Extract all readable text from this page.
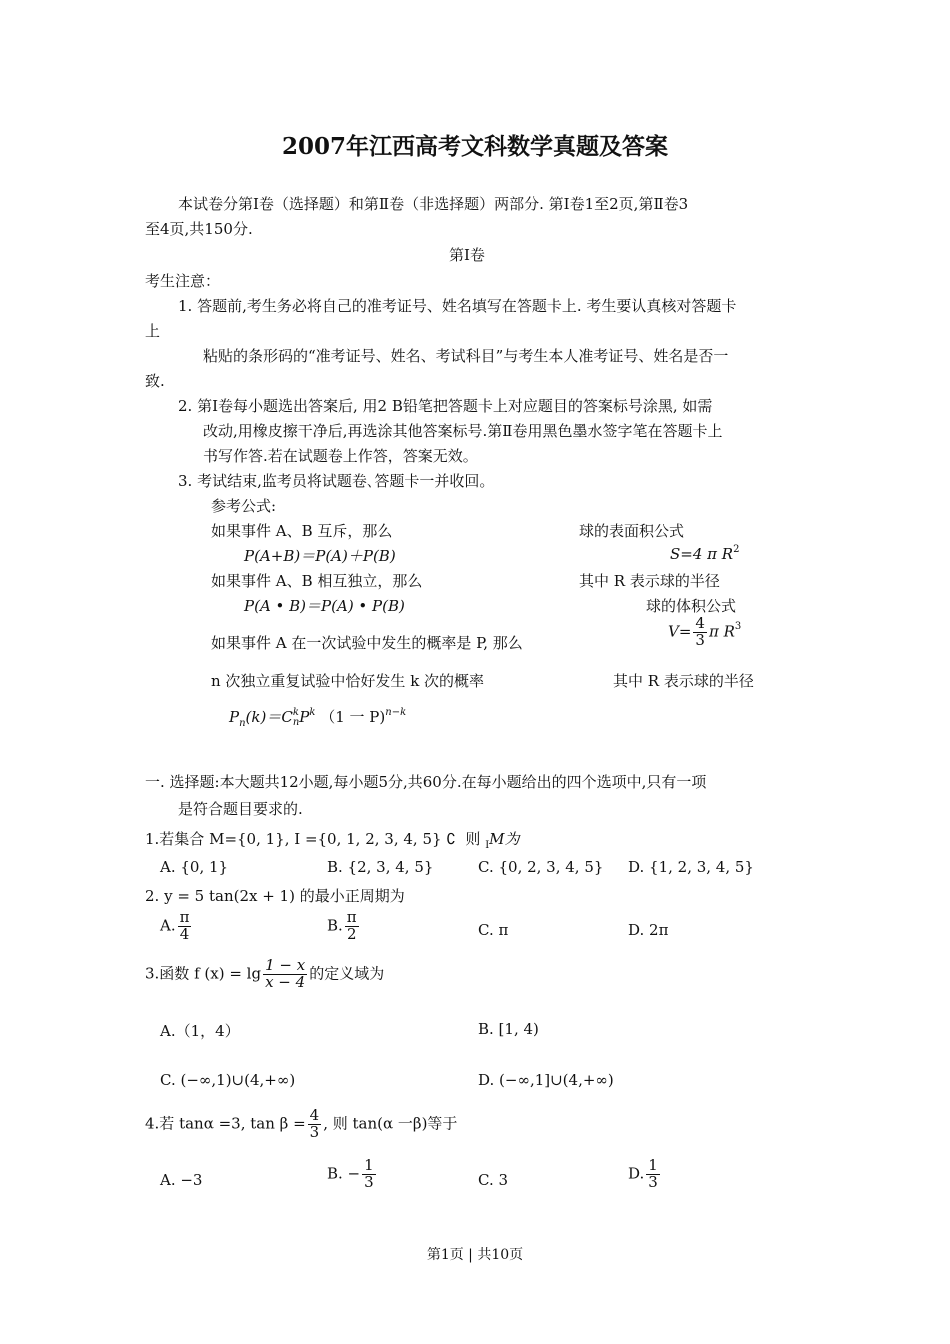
2007年江西高考文科数学真题及答案
本试卷分第Ⅰ卷（选择题）和第Ⅱ卷（非选择题）两部分. 第Ⅰ卷1至2页,第Ⅱ卷3
至4页,共150分.
第Ⅰ卷
考生注意：
1. 答题前,考生务必将自己的准考证号、姓名填写在答题卡上. 考生要认真核对答题卡
上
粘贴的条形码的“准考证号、姓名、考试科目”与考生本人准考证号、姓名是否一
致.
2. 第Ⅰ卷每小题选出答案后, 用2 B铅笔把答题卡上对应题目的答案标号涂黑, 如需
改动,用橡皮擦干净后,再选涂其他答案标号.第Ⅱ卷用黑色墨水签字笔在答题卡上
书写作答.若在试题卷上作答，答案无效。
3. 考试结束,监考员将试题卷､答题卡一并收回。
参考公式:
如果事件 A、B 互斥，那么
P(A+B)＝P(A)＋P(B)
如果事件 A、B 相互独立，那么
P(A • B)＝P(A) • P(B)
如果事件 A 在一次试验中发生的概率是 P, 那么
n 次独立重复试验中恰好发生 k 次的概率
$P_n(k)=C$ k
n $P^k$ （1 一 P)$^{n-k}$
球的表面积公式
S=4 π $R^2$
其中 R 表示球的半径
球的体积公式
$V= \frac{4}{3}$ π $R^3$
其中 R 表示球的半径
一. 选择题:本大题共12小题,每小题5分,共60分.在每小题给出的四个选项中,只有一项
是符合题目要求的.
1.若集合 M={0, 1}, I ={0, 1, 2, 3, 4, 5} ∁ 则 $_I$M为
A. {0, 1}	B. {2, 3, 4, 5}	C. {0, 2, 3, 4, 5} D. {1, 2, 3, 4, 5}
2. y = 5 tan(2x + 1) 的最小正周期为
A. $\frac{\pi}{4}$	B. $\frac{\pi}{2}$	C. π	D. 2π
3.函数 f $(x) = \lg \frac{1 - x}{x - 4}$ 的定义域为
A.（1，4）	B. [1, 4)
C. (−∞,1)∪(4,+∞)	D. (−∞,1]∪(4,+∞)
4.若 tanα =3, $\tan \beta = \frac{4}{3}$ , 则 tan(α 一β)等于
A. −3	B. − $\frac{1}{3}$	C. 3	D. $\frac{1}{3}$
第1页 | 共10页
